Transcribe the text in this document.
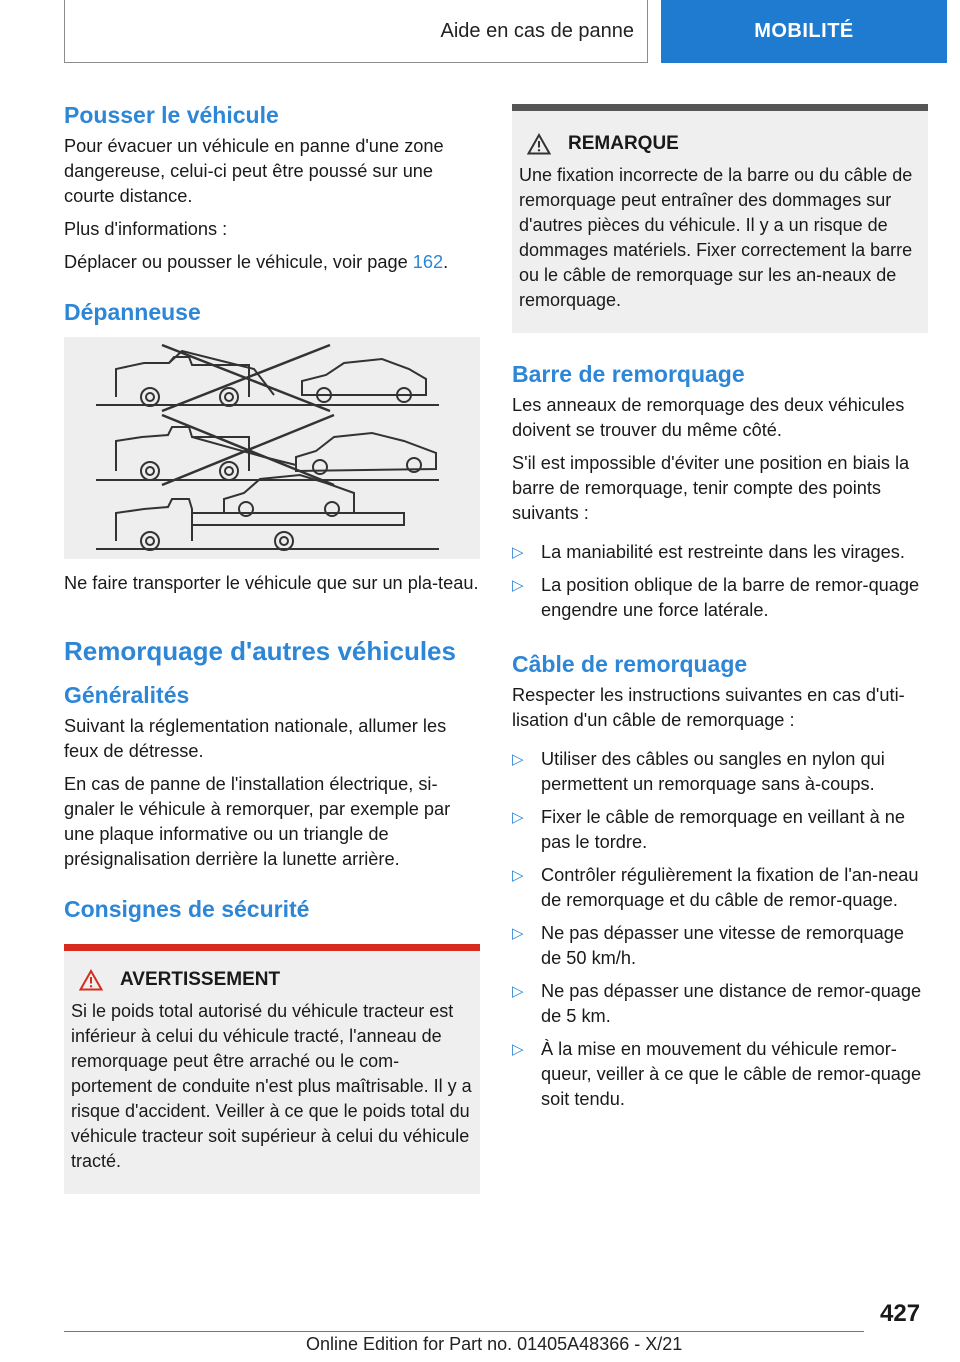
Aide en cas de panne	MOBILITÉ
Pousser le véhicule

Pour évacuer un véhicule en panne d'une zone dangereuse, celui-ci peut être poussé sur une courte distance.

Plus d'informations :

Déplacer ou pousser le véhicule, voir page 162.

Dépanneuse

Ne faire transporter le véhicule que sur un pla-teau.

Remorquage d'autres véhicules
Généralités

Suivant la réglementation nationale, allumer les feux de détresse.

En cas de panne de l'installation électrique, si-gnaler le véhicule à remorquer, par exemple par une plaque informative ou un triangle de présignalisation derrière la lunette arrière.

Consignes de sécurité
AVERTISSEMENT

Si le poids total autorisé du véhicule tracteur est inférieur à celui du véhicule tracté, l'anneau de remorquage peut être arraché ou le com-portement de conduite n'est plus maîtrisable. Il y a risque d'accident. Veiller à ce que le poids total du véhicule tracteur soit supérieur à celui du véhicule tracté.

REMARQUE

Une fixation incorrecte de la barre ou du câble de remorquage peut entraîner des dommages sur d'autres pièces du véhicule. Il y a un risque de dommages matériels. Fixer correctement la barre ou le câble de remorquage sur les an-neaux de remorquage.

Barre de remorquage

Les anneaux de remorquage des deux véhicules doivent se trouver du même côté.

S'il est impossible d'éviter une position en biais la barre de remorquage, tenir compte des points suivants :

▷ La maniabilité est restreinte dans les virages.
▷ La position oblique de la barre de remor-quage engendre une force latérale.
Câble de remorquage

Respecter les instructions suivantes en cas d'uti-lisation d'un câble de remorquage :

▷ Utiliser des câbles ou sangles en nylon qui permettent un remorquage sans à-coups.
▷ Fixer le câble de remorquage en veillant à ne pas le tordre.
▷ Contrôler régulièrement la fixation de l'an-neau de remorquage et du câble de remor-quage.
▷ Ne pas dépasser une vitesse de remorquage de 50 km/h.
▷ Ne pas dépasser une distance de remor-quage de 5 km.
▷ À la mise en mouvement du véhicule remor-queur, veiller à ce que le câble de remor-quage soit tendu.
427
Online Edition for Part no. 01405A48366 - X/21
